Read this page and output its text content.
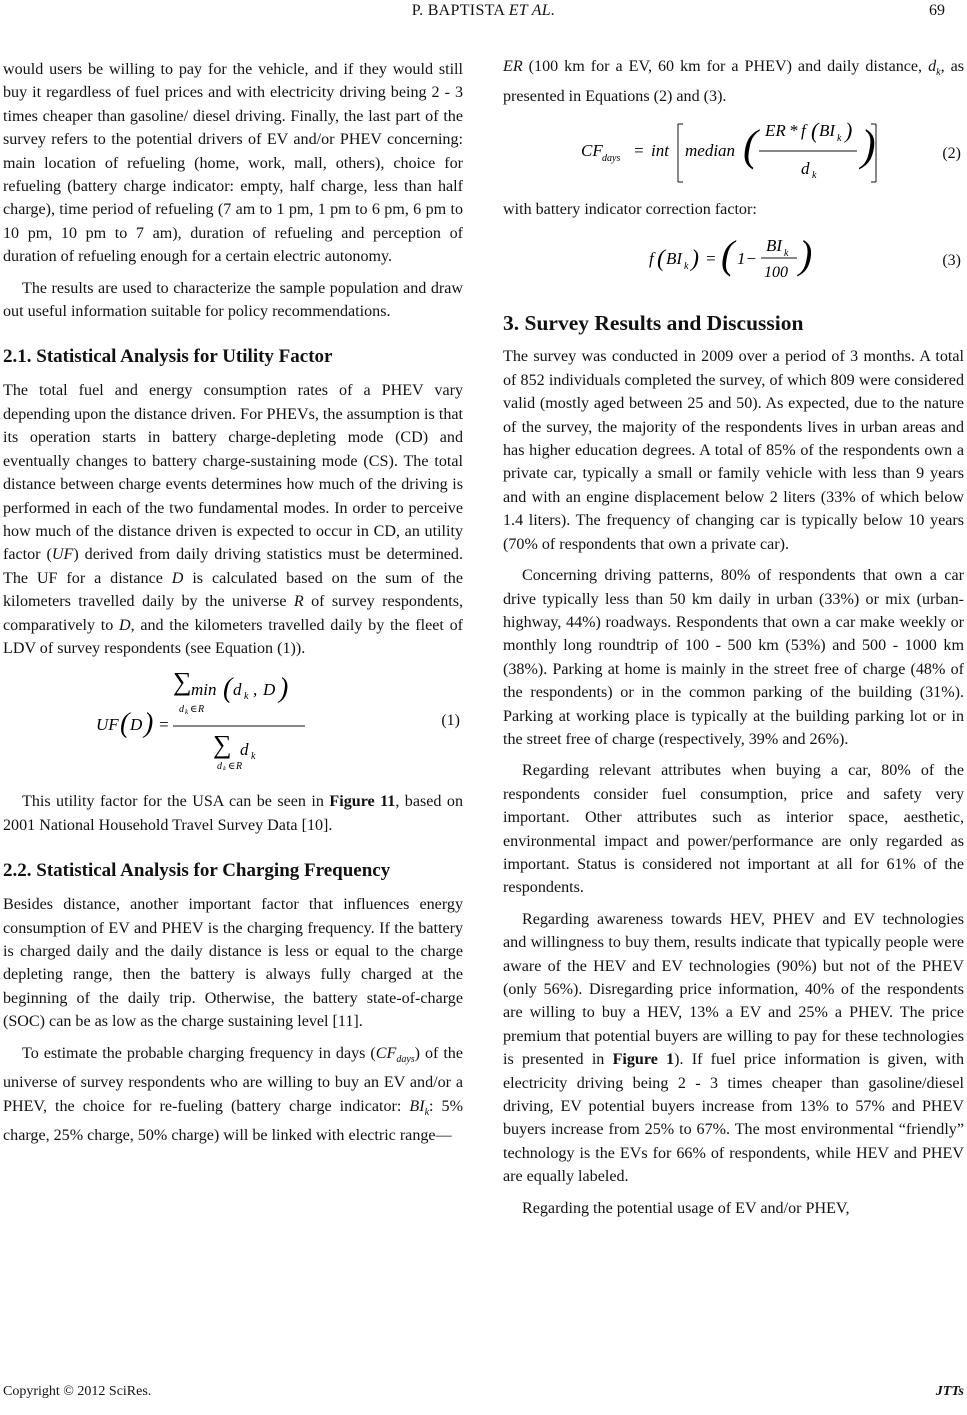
P. BAPTISTA ET AL.	69

would users be willing to pay for the vehicle, and if they would still buy it regardless of fuel prices and with electricity driving being 2 - 3 times cheaper than gasoline/ diesel driving. Finally, the last part of the survey refers to the potential drivers of EV and/or PHEV concerning: main location of refueling (home, work, mall, others), choice for refueling (battery charge indicator: empty, half charge, less than half charge), time period of refueling (7 am to 1 pm, 1 pm to 6 pm, 6 pm to 10 pm, 10 pm to 7 am), duration of refueling and perception of duration of refueling enough for a certain electric autonomy.

The results are used to characterize the sample population and draw out useful information suitable for policy recommendations.

2.1. Statistical Analysis for Utility Factor

The total fuel and energy consumption rates of a PHEV vary depending upon the distance driven. For PHEVs, the assumption is that its operation starts in battery charge-depleting mode (CD) and eventually changes to battery charge-sustaining mode (CS). The total distance between charge events determines how much of the driving is performed in each of the two fundamental modes. In order to perceive how much of the distance driven is expected to occur in CD, an utility factor (UF) derived from daily driving statistics must be determined. The UF for a distance D is calculated based on the sum of the kilometers travelled daily by the universe R of survey respondents, comparatively to D, and the kilometers travelled daily by the fleet of LDV of survey respondents (see Equation (1)).

∑ min ( d k , D )
d k ∈ R
UF ( D ) =
∑ d k
d k ∈ R
(1)

This utility factor for the USA can be seen in Figure 11, based on 2001 National Household Travel Survey Data [10].

2.2. Statistical Analysis for Charging Frequency

Besides distance, another important factor that influences energy consumption of EV and PHEV is the charging frequency. If the battery is charged daily and the daily distance is less or equal to the charge depleting range, then the battery is always fully charged at the beginning of the daily trip. Otherwise, the battery state-of-charge (SOC) can be as low as the charge sustaining level [11].

To estimate the probable charging frequency in days $(CF_{days})$ of the universe of survey respondents who are willing to buy an EV and/or a PHEV, the choice for re-fueling (battery charge indicator: $BI_k$: 5% charge, 25% charge, 50% charge) will be linked with electric range—

ER (100 km for a EV, 60 km for a PHEV) and daily distance, $d_k$, as presented in Equations (2) and (3).

CF days = int median ( ER * f ( BI k )
d k
)	(2)

with battery indicator correction factor:

f ( BI k ) = ( 1−
BI k
100 )	(3)
3. Survey Results and Discussion

The survey was conducted in 2009 over a period of 3 months. A total of 852 individuals completed the survey, of which 809 were considered valid (mostly aged between 25 and 50). As expected, due to the nature of the survey, the majority of the respondents lives in urban areas and has higher education degrees. A total of 85% of the respondents own a private car, typically a small or family vehicle with less than 9 years and with an engine displacement below 2 liters (33% of which below 1.4 liters). The frequency of changing car is typically below 10 years (70% of respondents that own a private car).

Concerning driving patterns, 80% of respondents that own a car drive typically less than 50 km daily in urban (33%) or mix (urban-highway, 44%) roadways. Respondents that own a car make weekly or monthly long roundtrip of 100 - 500 km (53%) and 500 - 1000 km (38%). Parking at home is mainly in the street free of charge (48% of the respondents) or in the common parking of the building (31%). Parking at working place is typically at the building parking lot or in the street free of charge (respectively, 39% and 26%).

Regarding relevant attributes when buying a car, 80% of the respondents consider fuel consumption, price and safety very important. Other attributes such as interior space, aesthetic, environmental impact and power/performance are only regarded as important. Status is considered not important at all for 61% of the respondents.

Regarding awareness towards HEV, PHEV and EV technologies and willingness to buy them, results indicate that typically people were aware of the HEV and EV technologies (90%) but not of the PHEV (only 56%). Disregarding price information, 40% of the respondents are willing to buy a HEV, 13% a EV and 25% a PHEV. The price premium that potential buyers are willing to pay for these technologies is presented in Figure 1). If fuel price information is given, with electricity driving being 2 - 3 times cheaper than gasoline/diesel driving, EV potential buyers increase from 13% to 57% and PHEV buyers increase from 25% to 67%. The most environmental “friendly” technology is the EVs for 66% of respondents, while HEV and PHEV are equally labeled.

Regarding the potential usage of EV and/or PHEV,

Copyright © 2012 SciRes.	JTTs
